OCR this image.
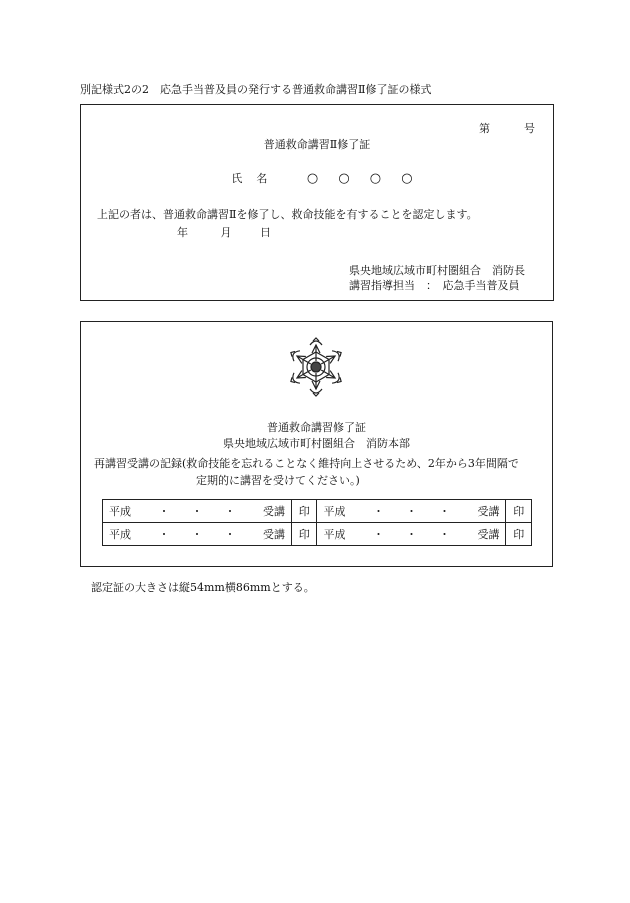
別記様式2の2　応急手当普及員の発行する普通救命講習Ⅱ修了証の様式
第	号
普通救命講習Ⅱ修了証
氏名 ○ ○ ○ ○
上記の者は、普通救命講習Ⅱを修了し、救命技能を有することを認定します。
年	月	日
県央地域広域市町村圏組合　消防長
講習指導担当　：　応急手当普及員
普通救命講習修了証
県央地域広域市町村圏組合　消防本部
再講習受講の記録(救命技能を忘れることなく維持向上させるため、2年から3年間隔で
定期的に講習を受けてください。)
平成 ・　　・　　・ 受講	印	平成 ・　　・　　・ 受講	印

平成 ・　　・　　・ 受講	印	平成 ・　　・　　・ 受講	印
認定証の大きさは縦54mm横86mmとする。
